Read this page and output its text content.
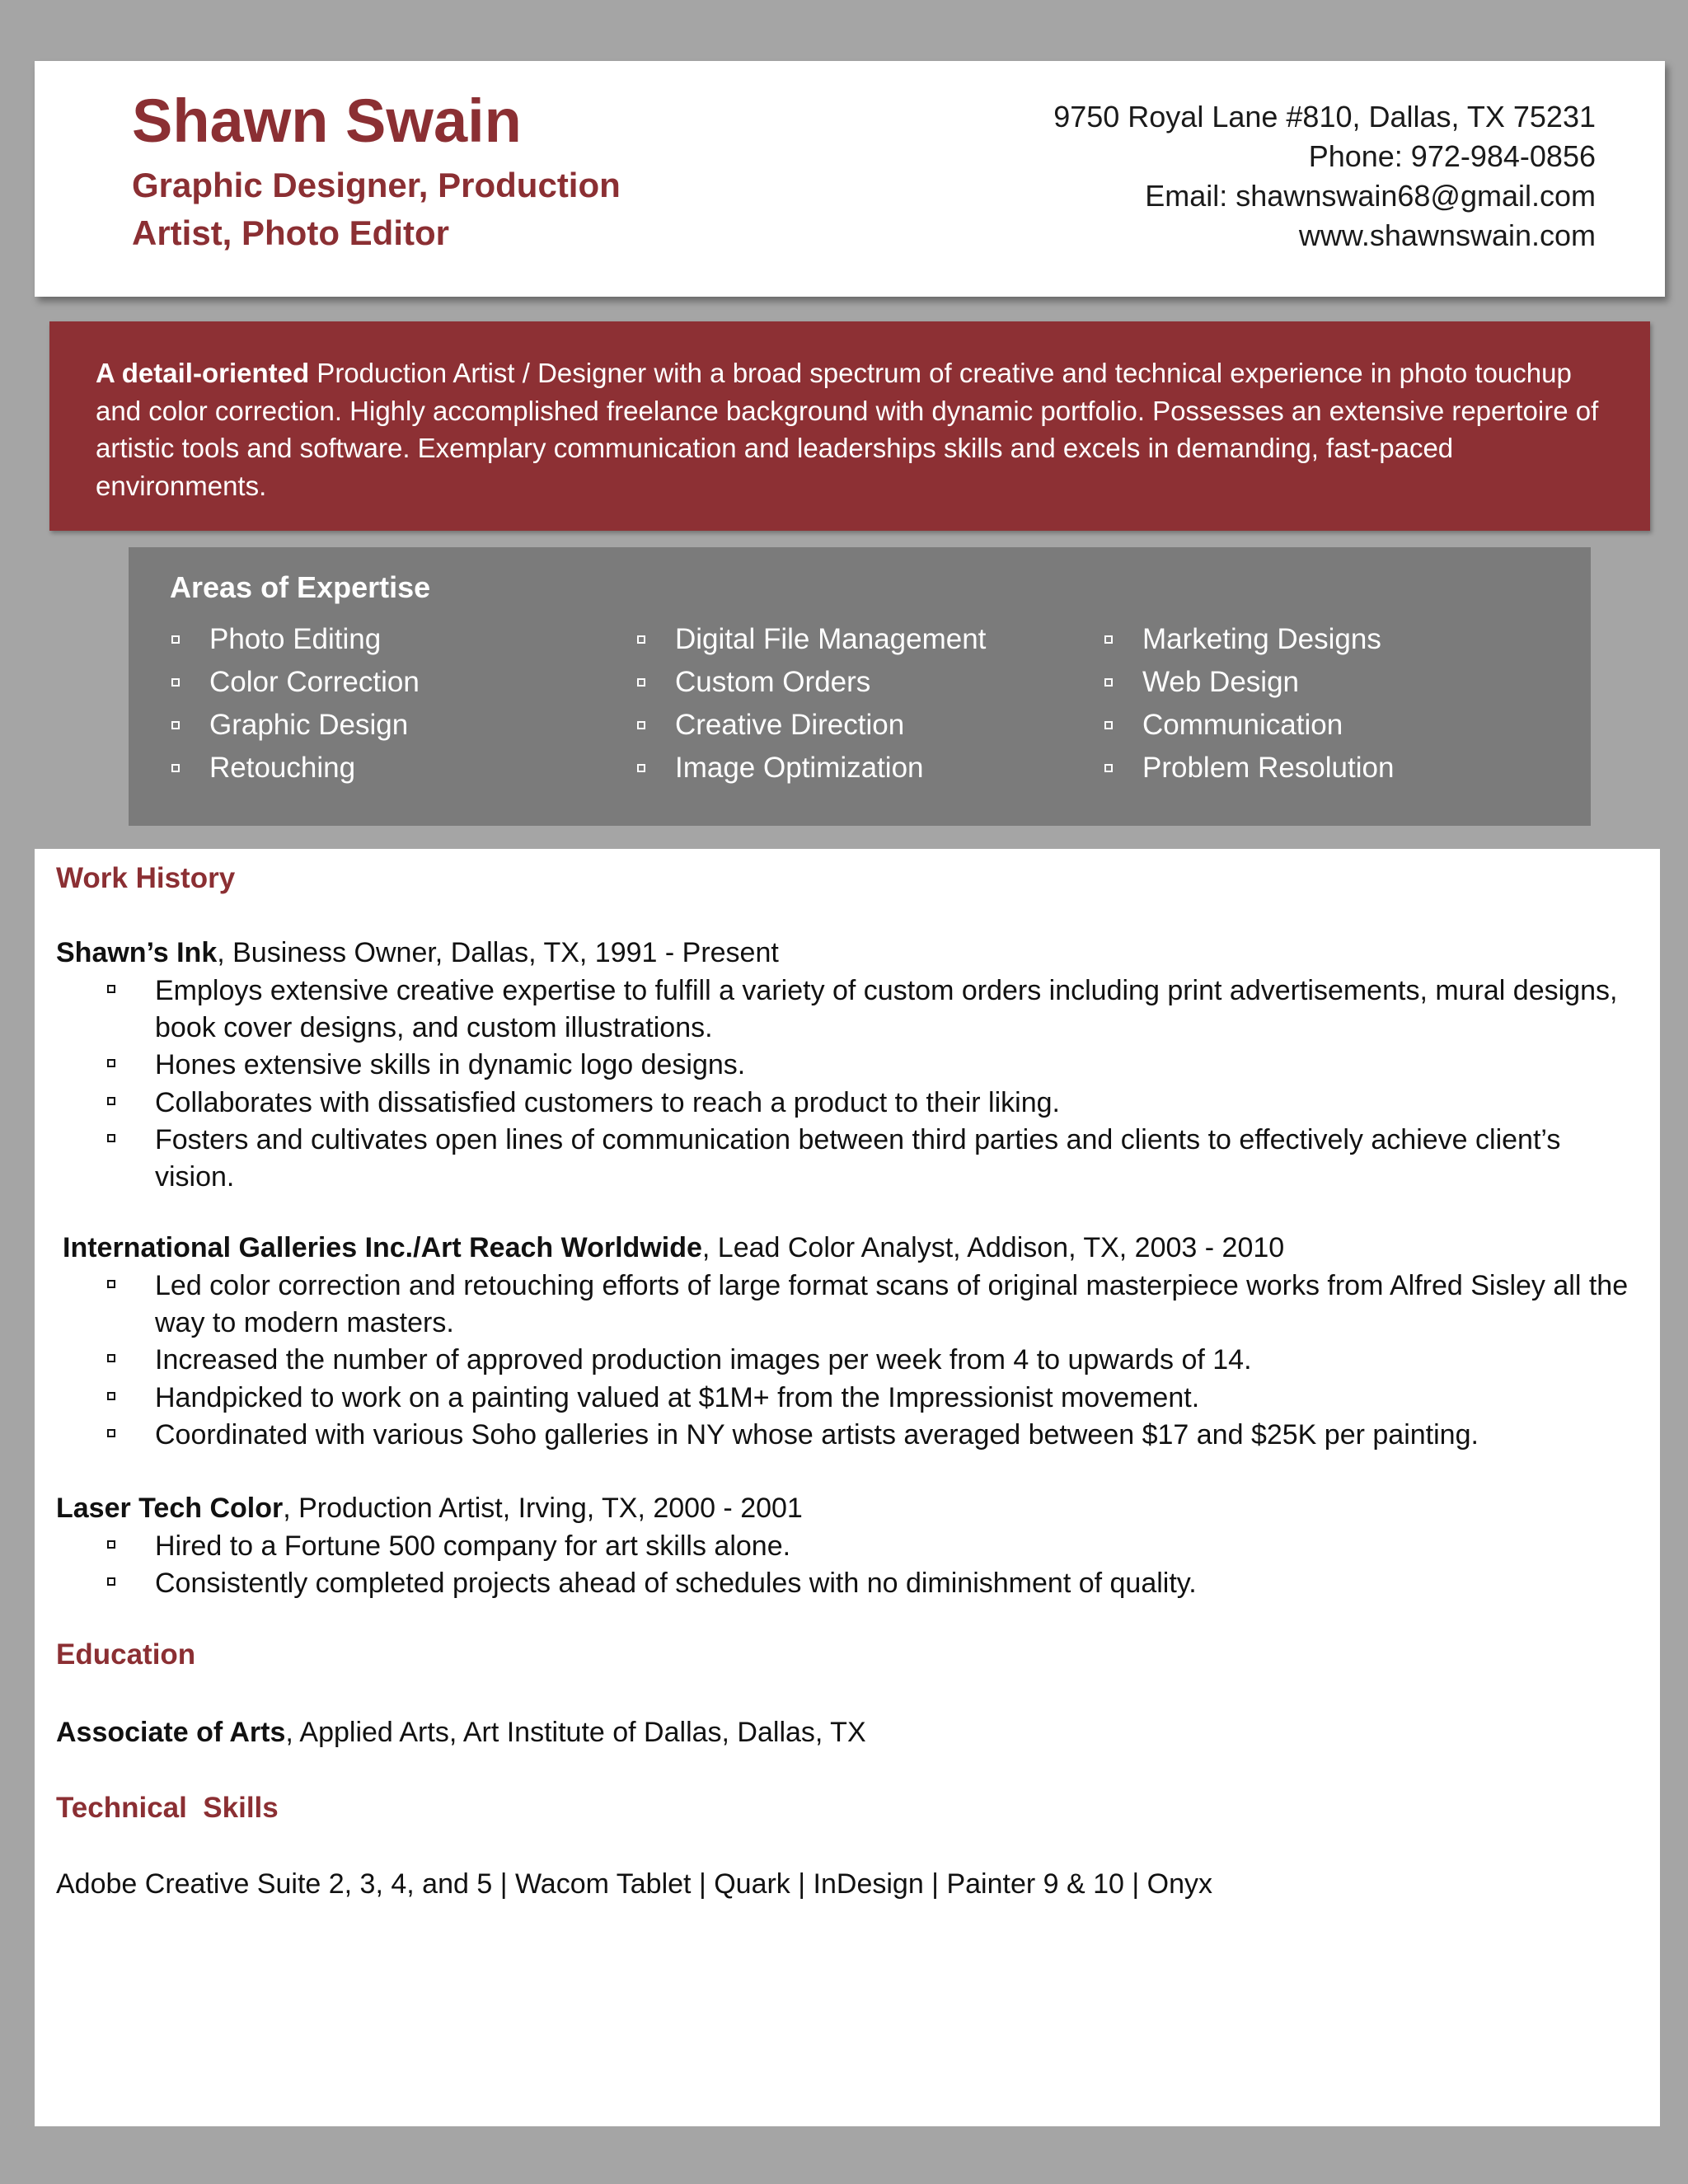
Shawn Swain
Graphic Designer, Production Artist, Photo Editor
9750 Royal Lane #810, Dallas, TX 75231
Phone: 972-984-0856
Email: shawnswain68@gmail.com
www.shawnswain.com
A detail-oriented Production Artist / Designer with a broad spectrum of creative and technical experience in photo touchup and color correction. Highly accomplished freelance background with dynamic portfolio. Possesses an extensive repertoire of artistic tools and software. Exemplary communication and leaderships skills and excels in demanding, fast-paced environments.
Areas of Expertise
Photo Editing
Color Correction
Graphic Design
Retouching
Digital File Management
Custom Orders
Creative Direction
Image Optimization
Marketing Designs
Web Design
Communication
Problem Resolution
Work History

Shawn’s Ink, Business Owner, Dallas, TX, 1991 - Present

Employs extensive creative expertise to fulfill a variety of custom orders including print advertisements, mural designs, book cover designs, and custom illustrations.
Hones extensive skills in dynamic logo designs.
Collaborates with dissatisfied customers to reach a product to their liking.
Fosters and cultivates open lines of communication between third parties and clients to effectively achieve client’s vision.

International Galleries Inc./Art Reach Worldwide, Lead Color Analyst, Addison, TX, 2003 - 2010

Led color correction and retouching efforts of large format scans of original masterpiece works from Alfred Sisley all the way to modern masters.
Increased the number of approved production images per week from 4 to upwards of 14.
Handpicked to work on a painting valued at $1M+ from the Impressionist movement.
Coordinated with various Soho galleries in NY whose artists averaged between $17 and $25K per painting.

Laser Tech Color, Production Artist, Irving, TX, 2000 - 2001

Hired to a Fortune 500 company for art skills alone.
Consistently completed projects ahead of schedules with no diminishment of quality.
Education

Associate of Arts, Applied Arts, Art Institute of Dallas, Dallas, TX

Technical  Skills

Adobe Creative Suite 2, 3, 4, and 5 | Wacom Tablet | Quark | InDesign | Painter 9 & 10 | Onyx
